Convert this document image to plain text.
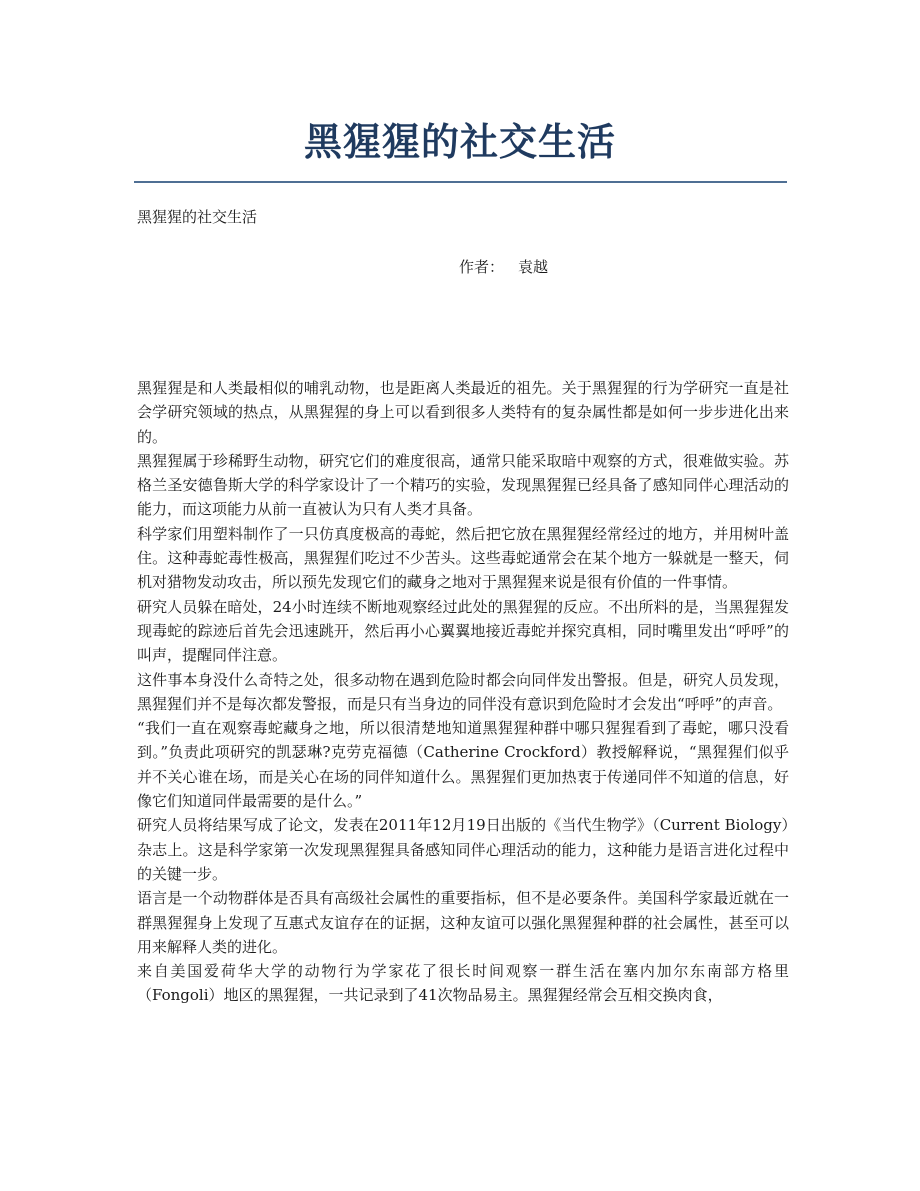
黑猩猩的社交生活
黑猩猩的社交生活
作者： 袁越

黑猩猩是和人类最相似的哺乳动物，也是距离人类最近的祖先。关于黑猩猩的行为学研究一直是社会学研究领域的热点，从黑猩猩的身上可以看到很多人类特有的复杂属性都是如何一步步进化出来的。

黑猩猩属于珍稀野生动物，研究它们的难度很高，通常只能采取暗中观察的方式，很难做实验。苏格兰圣安德鲁斯大学的科学家设计了一个精巧的实验，发现黑猩猩已经具备了感知同伴心理活动的能力，而这项能力从前一直被认为只有人类才具备。

科学家们用塑料制作了一只仿真度极高的毒蛇，然后把它放在黑猩猩经常经过的地方，并用树叶盖住。这种毒蛇毒性极高，黑猩猩们吃过不少苦头。这些毒蛇通常会在某个地方一躲就是一整天，伺机对猎物发动攻击，所以预先发现它们的藏身之地对于黑猩猩来说是很有价值的一件事情。

研究人员躲在暗处，24小时连续不断地观察经过此处的黑猩猩的反应。不出所料的是，当黑猩猩发现毒蛇的踪迹后首先会迅速跳开，然后再小心翼翼地接近毒蛇并探究真相，同时嘴里发出“呼呼”的叫声，提醒同伴注意。

这件事本身没什么奇特之处，很多动物在遇到危险时都会向同伴发出警报。但是，研究人员发现，黑猩猩们并不是每次都发警报，而是只有当身边的同伴没有意识到危险时才会发出“呼呼”的声音。

“我们一直在观察毒蛇藏身之地，所以很清楚地知道黑猩猩种群中哪只猩猩看到了毒蛇，哪只没看到。”负责此项研究的凯瑟琳?克劳克福德（Catherine Crockford）教授解释说，“黑猩猩们似乎并不关心谁在场，而是关心在场的同伴知道什么。黑猩猩们更加热衷于传递同伴不知道的信息，好像它们知道同伴最需要的是什么。”

研究人员将结果写成了论文，发表在2011年12月19日出版的《当代生物学》（Current Biology）杂志上。这是科学家第一次发现黑猩猩具备感知同伴心理活动的能力，这种能力是语言进化过程中的关键一步。

语言是一个动物群体是否具有高级社会属性的重要指标，但不是必要条件。美国科学家最近就在一群黑猩猩身上发现了互惠式友谊存在的证据，这种友谊可以强化黑猩猩种群的社会属性，甚至可以用来解释人类的进化。

来自美国爱荷华大学的动物行为学家花了很长时间观察一群生活在塞内加尔东南部方格里（Fongoli）地区的黑猩猩，一共记录到了41次物品易主。黑猩猩经常会互相交换肉食，
